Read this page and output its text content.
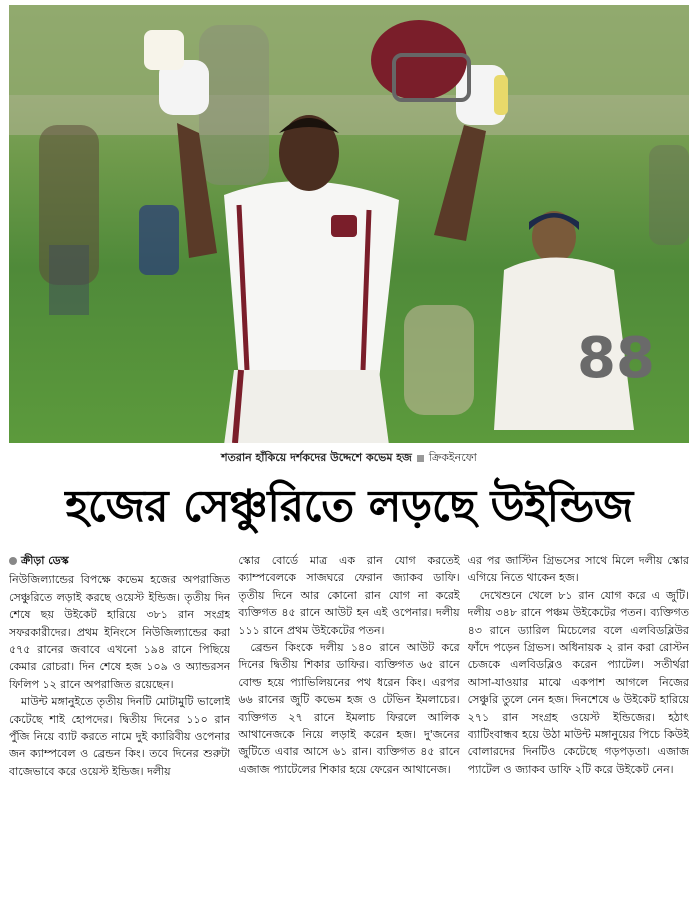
88
শতরান হাঁকিয়ে দর্শকদের উদ্দেশে কভেম হজ ক্রিকইনফো
হজের সেঞ্চুরিতে লড়ছে উইন্ডিজ
ক্রীড়া ডেস্ক

নিউজিল্যান্ডের বিপক্ষে কভেম হজের অপরাজিত সেঞ্চুরিতে লড়াই করছে ওয়েস্ট ইন্ডিজ। তৃতীয় দিন শেষে ছয় উইকেট হারিয়ে ৩৮১ রান সংগ্রহ সফরকারীদের। প্রথম ইনিংসে নিউজিল্যান্ডের করা ৫৭৫ রানের জবাবে এখনো ১৯৪ রানে পিছিয়ে কেমার রোচরা। দিন শেষে হজ ১০৯ ও অ্যান্ডরসন ফিলিপ ১২ রানে অপরাজিত রয়েছেন।

মাউন্ট মঙ্গানুইতে তৃতীয় দিনটি মোটামুটি ভালোই কেটেছে শাই হোপদের। দ্বিতীয় দিনের ১১০ রান পুঁজি নিয়ে ব্যাট করতে নামে দুই ক্যারিবীয় ওপেনার জন ক্যাম্পবেল ও ব্রেন্ডন কিং। তবে দিনের শুরুটা বাজেভাবে করে ওয়েস্ট ইন্ডিজ। দলীয়

স্কোর বোর্ডে মাত্র এক রান যোগ করতেই ক্যাম্পবেলকে সাজঘরে ফেরান জ্যাকব ডাফি। তৃতীয় দিনে আর কোনো রান যোগ না করেই ব্যক্তিগত ৪৫ রানে আউট হন এই ওপেনার। দলীয় ১১১ রানে প্রথম উইকেটের পতন।

ব্রেন্ডন কিংকে দলীয় ১৪০ রানে আউট করে দিনের দ্বিতীয় শিকার ডাফির। ব্যক্তিগত ৬৫ রানে বোল্ড হয়ে প্যাভিলিয়নের পথ ধরেন কিং। এরপর ৬৬ রানের জুটি কভেম হজ ও টেভিন ইমলাচের। ব্যক্তিগত ২৭ রানে ইমলাচ ফিরলে আলিক আথানেজকে নিয়ে লড়াই করেন হজ। দু'জনের জুটিতে এবার আসে ৬১ রান। ব্যক্তিগত ৪৫ রানে এজাজ প্যাটেলের শিকার হয়ে ফেরেন আথানেজ।

এর পর জাস্টিন গ্রিভসের সাথে মিলে দলীয় স্কোর এগিয়ে নিতে থাকেন হজ।

দেখেশুনে খেলে ৮১ রান যোগ করে এ জুটি। দলীয় ৩৪৮ রানে পঞ্চম উইকেটের পতন। ব্যক্তিগত ৪৩ রানে ড্যারিল মিচেলের বলে এলবিডব্লিউর ফাঁদে পড়েন গ্রিভস। অধিনায়ক ২ রান করা রোস্টন চেজকে এলবিডব্লিও করেন প্যাটেল। সতীর্থরা আসা-যাওয়ার মাঝে একপাশ আগলে নিজের সেঞ্চুরি তুলে নেন হজ। দিনশেষে ৬ উইকেট হারিয়ে ২৭১ রান সংগ্রহ ওয়েস্ট ইন্ডিজের। হঠাৎ ব্যাটিংবান্ধব হয়ে উঠা মাউন্ট মঙ্গানুয়ের পিচে কিউই বোলারদের দিনটিও কেটেছে গড়পড়তা। এজাজ প্যাটেল ও জ্যাকব ডাফি ২টি করে উইকেট নেন।
